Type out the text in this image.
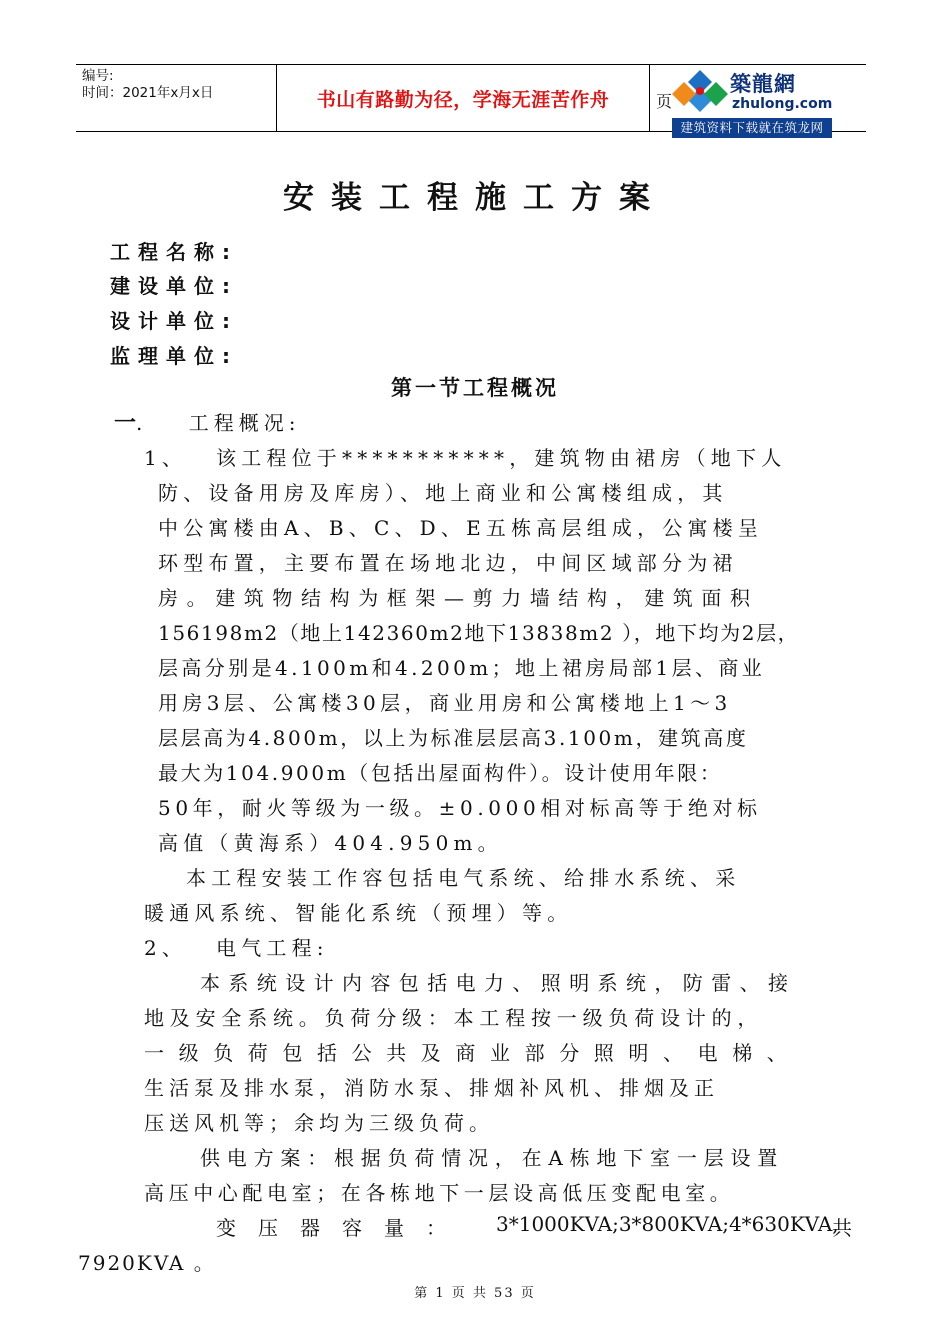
编号:
时间：2021年x月x日	书山有路勤为径，学海无涯苦作舟	页
築龍網
zhulong.com
建筑资料下载就在筑龙网
安装工程施工方案
工程名称:
建设单位:
设计单位:
监理单位:
第一节工程概况
一. 工程概况:
1、 该工程位于***********，建筑物由裙房（地下人
防、设备用房及库房）、地上商业和公寓楼组成，其
中公寓楼由A、B、C、D、E五栋高层组成，公寓楼呈
环型布置，主要布置在场地北边，中间区域部分为裙
房。建筑物结构为框架—剪力墙结构，建筑面积
156198m2（地上142360m2地下13838m2 ），地下均为2层，
层高分别是4.100m和4.200m；地上裙房局部1层、商业
用房3层、公寓楼30层，商业用房和公寓楼地上1～3
层层高为4.800m，以上为标准层层高3.100m，建筑高度
最大为104.900m（包括出屋面构件）。设计使用年限：
50年，耐火等级为一级。±0.000相对标高等于绝对标
高值（黄海系）404.950m。
本工程安装工作容包括电气系统、给排水系统、采
暖通风系统、智能化系统（预埋）等。
2、 电气工程:
本系统设计内容包括电力、照明系统，防雷、接
地及安全系统。负荷分级：本工程按一级负荷设计的，
一级负荷包括公共及商业部分照明、电梯、
生活泵及排水泵，消防水泵、排烟补风机、排烟及正
压送风机等；余均为三级负荷。
供电方案：根据负荷情况，在A栋地下室一层设置
高压中心配电室；在各栋地下一层设高低压变配电室。
变压器容量： 3*1000KVA;3*800KVA;4*630KVA,
共
7920KVA 。
第 1 页 共 53 页
